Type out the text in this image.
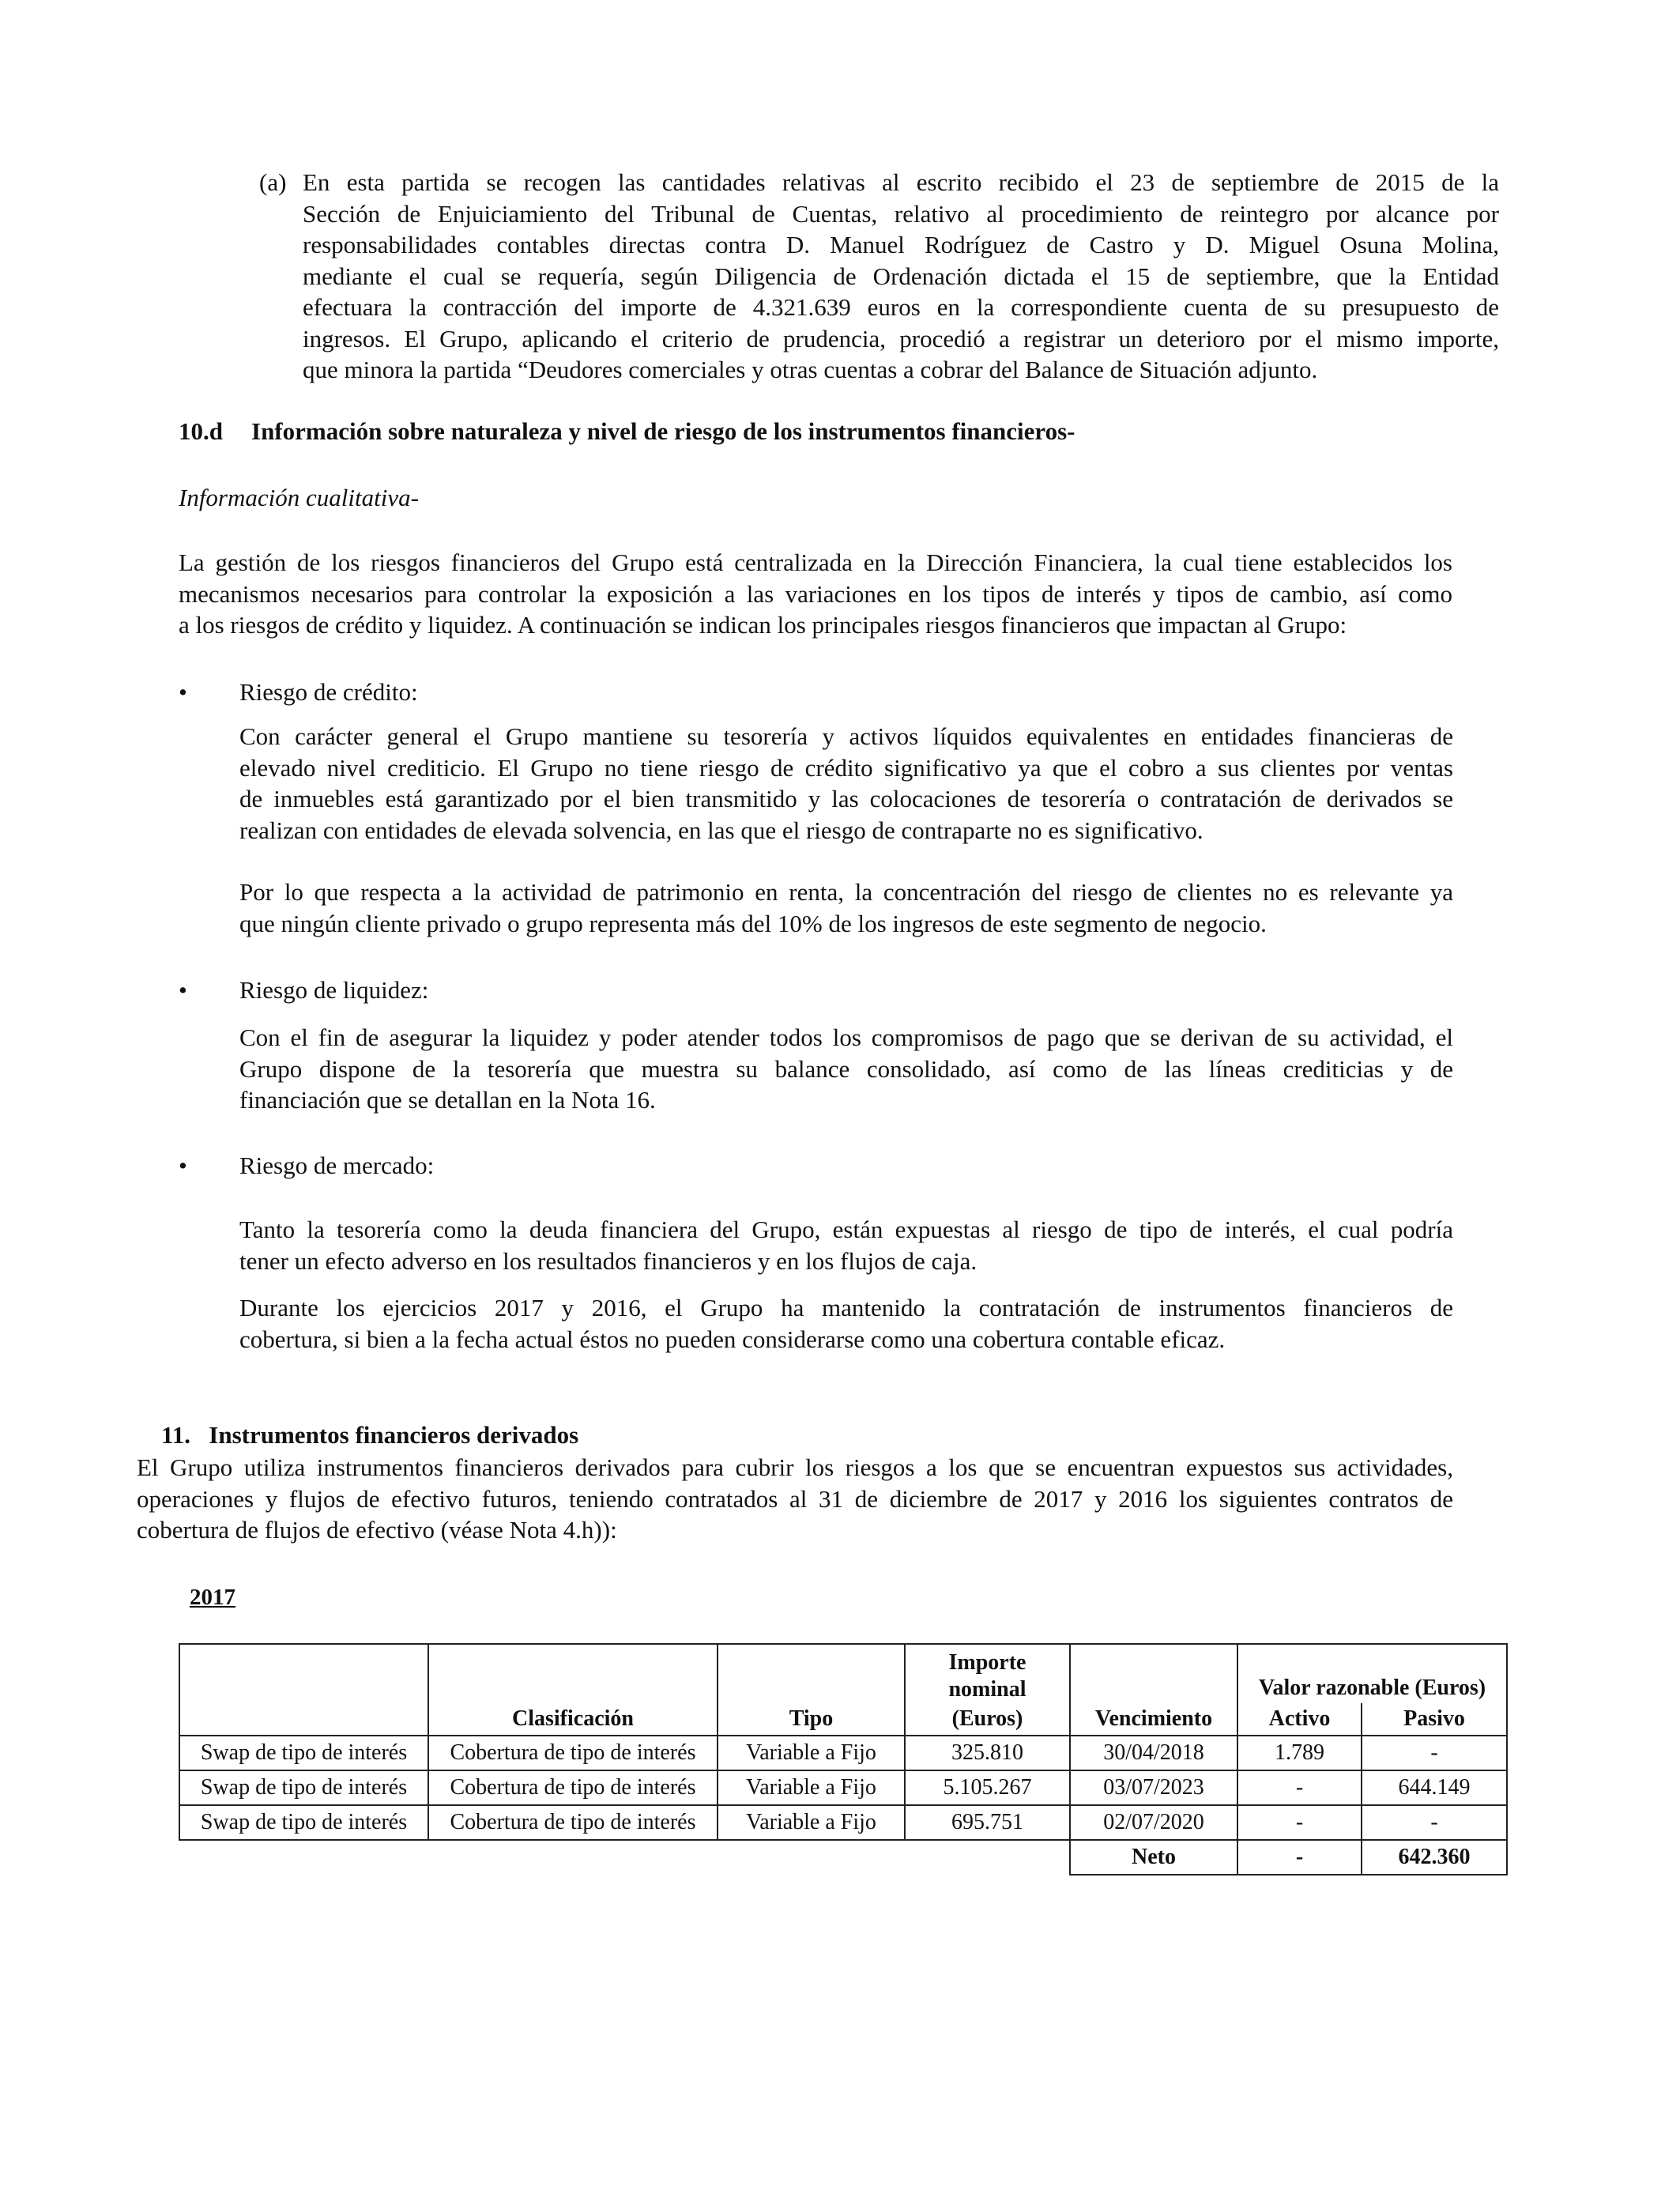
(a) En esta partida se recogen las cantidades relativas al escrito recibido el 23 de septiembre de 2015 de la
Sección de Enjuiciamiento del Tribunal de Cuentas, relativo al procedimiento de reintegro por alcance por
responsabilidades contables directas contra D. Manuel Rodríguez de Castro y D. Miguel Osuna Molina,
mediante el cual se requería, según Diligencia de Ordenación dictada el 15 de septiembre, que la Entidad
efectuara la contracción del importe de 4.321.639 euros en la correspondiente cuenta de su presupuesto de
ingresos. El Grupo, aplicando el criterio de prudencia, procedió a registrar un deterioro por el mismo importe,
que minora la partida “Deudores comerciales y otras cuentas a cobrar del Balance de Situación adjunto.
10.d Información sobre naturaleza y nivel de riesgo de los instrumentos financieros-
Información cualitativa-
La gestión de los riesgos financieros del Grupo está centralizada en la Dirección Financiera, la cual tiene establecidos los
mecanismos necesarios para controlar la exposición a las variaciones en los tipos de interés y tipos de cambio, así como
a los riesgos de crédito y liquidez. A continuación se indican los principales riesgos financieros que impactan al Grupo:
• Riesgo de crédito:
Con carácter general el Grupo mantiene su tesorería y activos líquidos equivalentes en entidades financieras de
elevado nivel crediticio. El Grupo no tiene riesgo de crédito significativo ya que el cobro a sus clientes por ventas
de inmuebles está garantizado por el bien transmitido y las colocaciones de tesorería o contratación de derivados se
realizan con entidades de elevada solvencia, en las que el riesgo de contraparte no es significativo.
Por lo que respecta a la actividad de patrimonio en renta, la concentración del riesgo de clientes no es relevante ya
que ningún cliente privado o grupo representa más del 10% de los ingresos de este segmento de negocio.
• Riesgo de liquidez:
Con el fin de asegurar la liquidez y poder atender todos los compromisos de pago que se derivan de su actividad, el
Grupo dispone de la tesorería que muestra su balance consolidado, así como de las líneas crediticias y de
financiación que se detallan en la Nota 16.
• Riesgo de mercado:
Tanto la tesorería como la deuda financiera del Grupo, están expuestas al riesgo de tipo de interés, el cual podría
tener un efecto adverso en los resultados financieros y en los flujos de caja.
Durante los ejercicios 2017 y 2016, el Grupo ha mantenido la contratación de instrumentos financieros de
cobertura, si bien a la fecha actual éstos no pueden considerarse como una cobertura contable eficaz.

11.   Instrumentos financieros derivados

El Grupo utiliza instrumentos financieros derivados para cubrir los riesgos a los que se encuentran expuestos sus actividades,
operaciones y flujos de efectivo futuros, teniendo contratados al 31 de diciembre de 2017 y 2016 los siguientes contratos de
cobertura de flujos de efectivo (véase Nota 4.h)):
2017

			Importe
nominal		Valor razonable (Euros)	
	Clasificación	Tipo	(Euros)	Vencimiento	Activo	Pasivo
Swap de tipo de interés	Cobertura de tipo de interés	Variable a Fijo	325.810	30/04/2018	1.789	-
Swap de tipo de interés	Cobertura de tipo de interés	Variable a Fijo	5.105.267	03/07/2023	-	644.149
Swap de tipo de interés	Cobertura de tipo de interés	Variable a Fijo	695.751	02/07/2020	-	-
				Neto	-	642.360
